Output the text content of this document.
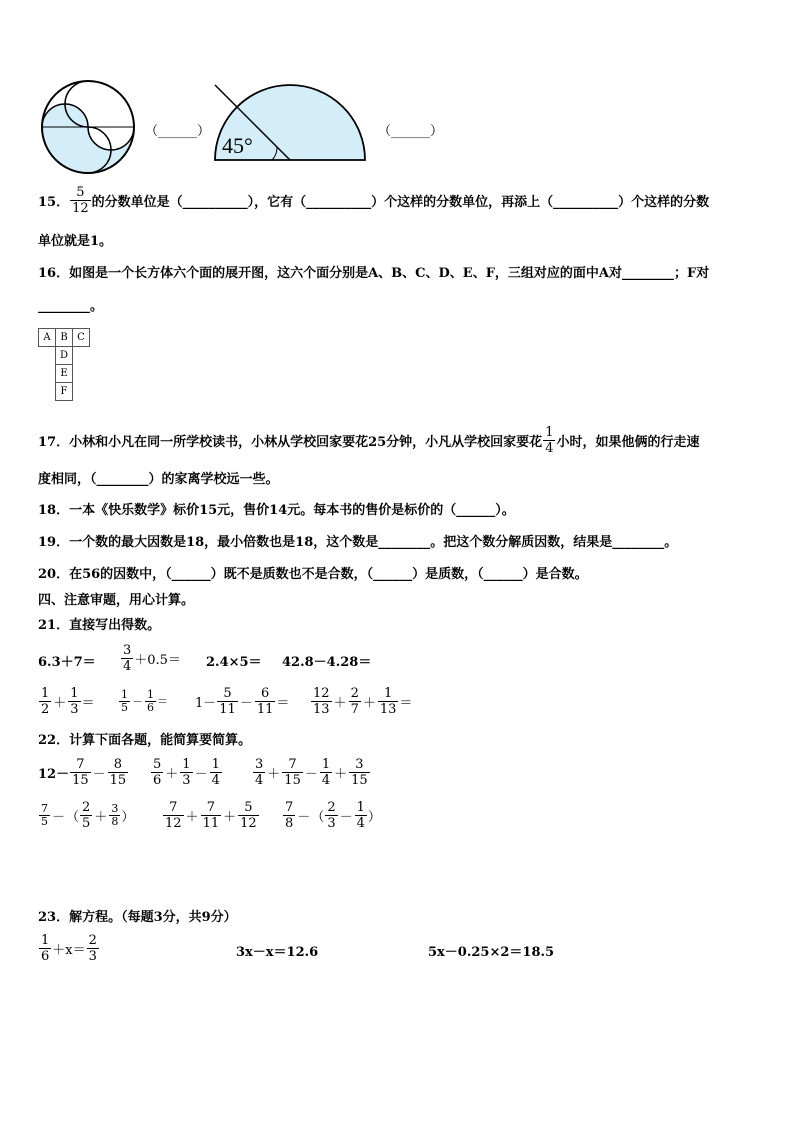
（______）
45°
（______）
15． $\frac{5}{12}$ 的分数单位是（__________），它有（__________）个这样的分数单位，再添上（__________）个这样的分数
单位就是1。
16．如图是一个长方体六个面的展开图，这六个面分别是A、B、C、D、E、F，三组对应的面中A对________；F对
________。
A	B	C
	D	
	E	
	F	
17．小林和小凡在同一所学校读书，小林从学校回家要花25分钟，小凡从学校回家要花 $\frac{1}{4}$ 小时，如果他俩的行走速
度相同，（________）的家离学校远一些。
18．一本《快乐数学》标价15元，售价14元。每本书的售价是标价的（______）。
19．一个数的最大因数是18，最小倍数也是18，这个数是________。把这个数分解质因数，结果是________。
20．在56的因数中，（______）既不是质数也不是合数，（______）是质数，（______）是合数。
四、注意审题，用心计算。
21．直接写出得数。
$6.3+7= \frac{3}{4} +0.5= 2.4\times 5= 42.8-4.28=$
$\frac{1}{2} + \frac{1}{3} = \frac{1}{5} - \frac{1}{6} = 1- \frac{5}{11} - \frac{6}{11} = \frac{12}{13} + \frac{2}{7} + \frac{1}{13}$ ＝
22．计算下面各题，能简算要简算。
$12- \frac{7}{15} - \frac{8}{15} \frac{5}{6} + \frac{1}{3} - \frac{1}{4} \frac{3}{4} + \frac{7}{15} - \frac{1}{4} + \frac{3}{15}$
$\frac{7}{5}$ － （ $\frac{2}{5} + \frac{3}{8}$ ） $\frac{7}{12} + \frac{7}{11} + \frac{5}{12} \frac{7}{8}$ － （ $\frac{2}{3} - \frac{1}{4}$ ）
23．解方程。（每题3分，共9分）
$\frac{1}{6} +x= \frac{2}{3}$	3x－x＝12.6	5x－0.25×2＝18.5
